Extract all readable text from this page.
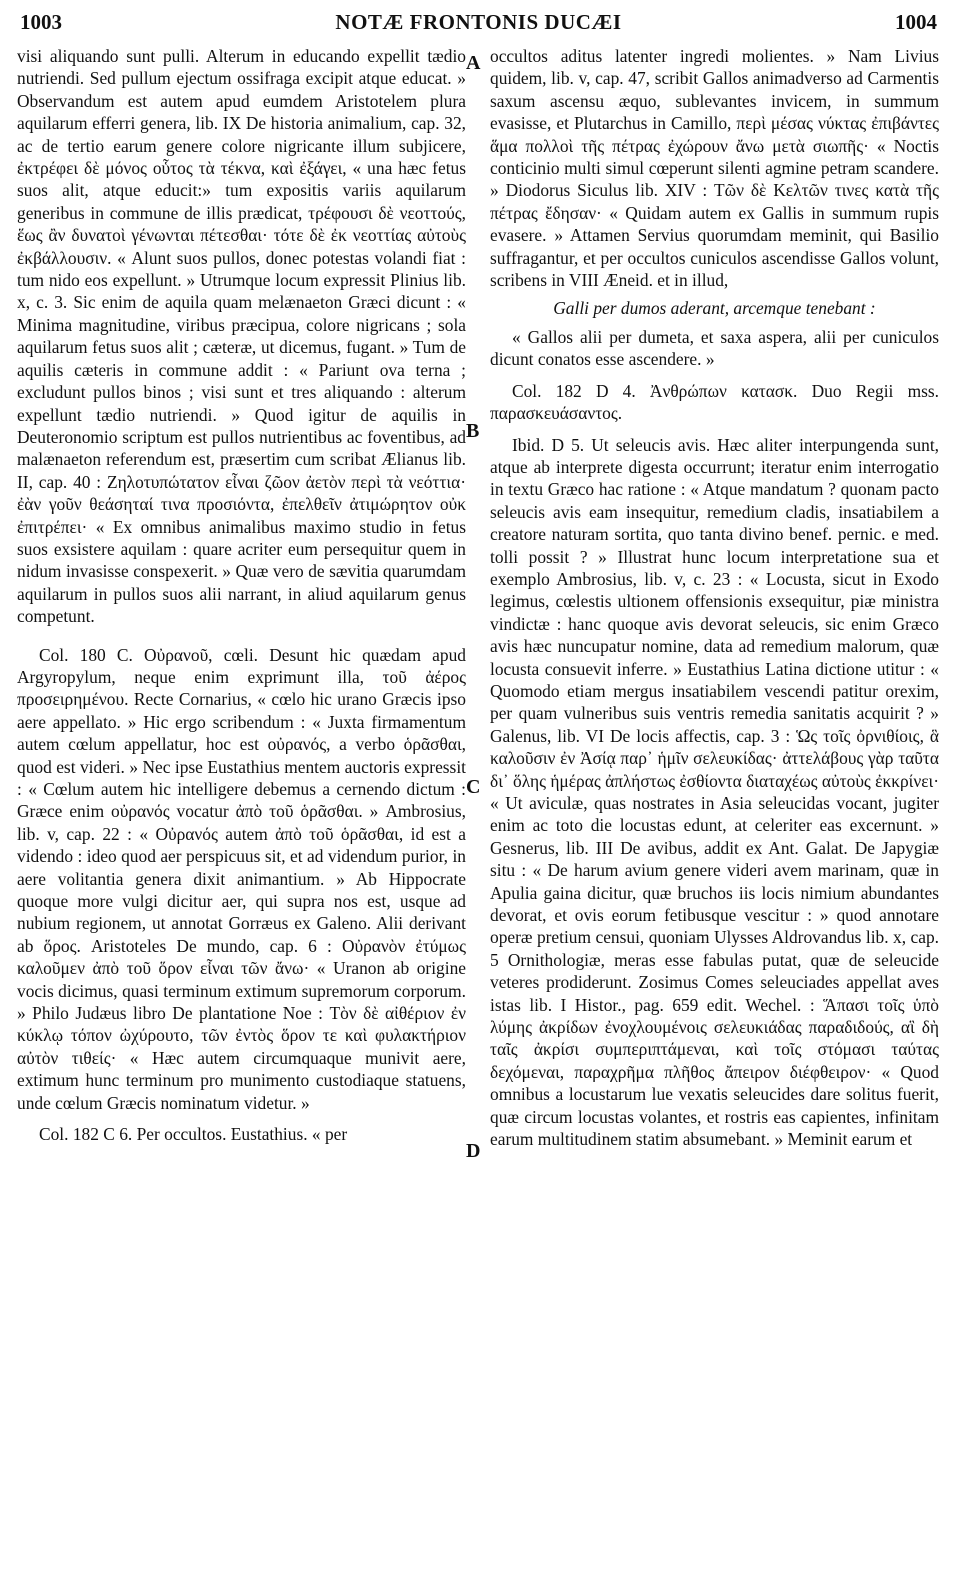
1003	NOTÆ FRONTONIS DUCÆI	1004

visi aliquando sunt pulli. Alterum in educando expellit tædio nutriendi. Sed pullum ejectum ossifraga excipit atque educat. » Observandum est autem apud eumdem Aristotelem plura aquilarum efferri genera, lib. IX De historia animalium, cap. 32, ac de tertio earum genere colore nigricante illum subjicere, ἐκτρέφει δὲ μόνος οὗτος τὰ τέκνα, καὶ ἐξάγει, « una hæc fetus suos alit, atque educit:» tum expositis variis aquilarum generibus in commune de illis prædicat, τρέφουσι δὲ νεοττούς, ἕως ἂν δυνατοὶ γένωνται πέτεσθαι· τότε δὲ ἐκ νεοττίας αὐτοὺς ἐκβάλλουσιν. « Alunt suos pullos, donec potestas volandi fiat : tum nido eos expellunt. » Utrumque locum expressit Plinius lib. x, c. 3. Sic enim de aquila quam melænaeton Græci dicunt : « Minima magnitudine, viribus præcipua, colore nigricans ; sola aquilarum fetus suos alit ; cæteræ, ut dicemus, fugant. » Tum de aquilis cæteris in commune addit : « Pariunt ova terna ; excludunt pullos binos ; visi sunt et tres aliquando : alterum expellunt tædio nutriendi. » Quod igitur de aquilis in Deuteronomio scriptum est pullos nutrientibus ac foventibus, ad malænaeton referendum est, præsertim cum scribat Ælianus lib. II, cap. 40 : Ζηλοτυπώτατον εἶναι ζῶον ἀετὸν περὶ τὰ νεόττια· ἐὰν γοῦν θεάσηταί τινα προσιόντα, ἐπελθεῖν ἀτιμώρητον οὐκ ἐπιτρέπει· « Ex omnibus animalibus maximo studio in fetus suos exsistere aquilam : quare acriter eum persequitur quem in nidum invasisse conspexerit. » Quæ vero de sævitia quarumdam aquilarum in pullos suos alii narrant, in aliud aquilarum genus competunt.

Col. 180 C. Οὐρανοῦ, cœli. Desunt hic quædam apud Argyropylum, neque enim exprimunt illa, τοῦ ἀέρος προσειρημένου. Recte Cornarius, « cœlo hic urano Græcis ipso aere appellato. » Hic ergo scribendum : « Juxta firmamentum autem cœlum appellatur, hoc est οὐρανός, a verbo ὁρᾶσθαι, quod est videri. » Nec ipse Eustathius mentem auctoris expressit : « Cœlum autem hic intelligere debemus a cernendo dictum : Græce enim οὐρανός vocatur ἀπὸ τοῦ ὁρᾶσθαι. » Ambrosius, lib. v, cap. 22 : « Οὐρανός autem ἀπὸ τοῦ ὁρᾶσθαι, id est a videndo : ideo quod aer perspicuus sit, et ad videndum purior, in aere volitantia genera dixit animantium. » Ab Hippocrate quoque more vulgi dicitur aer, qui supra nos est, usque ad nubium regionem, ut annotat Gorræus ex Galeno. Alii derivant ab ὅρος. Aristoteles De mundo, cap. 6 : Οὐρανὸν ἐτύμως καλοῦμεν ἀπὸ τοῦ ὅρον εἶναι τῶν ἄνω· « Uranon ab origine vocis dicimus, quasi terminum extimum supremorum corporum. » Philo Judæus libro De plantatione Noe : Τὸν δὲ αἰθέριον ἐν κύκλῳ τόπον ὠχύρουτο, τῶν ἐντὸς ὅρον τε καὶ φυλακτήριον αὐτὸν τιθείς· « Hæc autem circumquaque munivit aere, extimum hunc terminum pro munimento custodiaque statuens, unde cœlum Græcis nominatum videtur. »

Col. 182 C 6. Per occultos. Eustathius. « per

occultos aditus latenter ingredi molientes. » Nam Livius quidem, lib. v, cap. 47, scribit Gallos animadverso ad Carmentis saxum ascensu æquo, sublevantes invicem, in summum evasisse, et Plutarchus in Camillo, περὶ μέσας νύκτας ἐπιβάντες ἅμα πολλοὶ τῆς πέτρας ἐχώρουν ἄνω μετὰ σιωπῆς· « Noctis conticinio multi simul cœperunt silenti agmine petram scandere. » Diodorus Siculus lib. XIV : Τῶν δὲ Κελτῶν τινες κατὰ τῆς πέτρας ἔδησαν· « Quidam autem ex Gallis in summum rupis evasere. » Attamen Servius quorumdam meminit, qui Basilio suffragantur, et per occultos cuniculos ascendisse Gallos volunt, scribens in VIII Æneid. et in illud,

Galli per dumos aderant, arcemque tenebant :

« Gallos alii per dumeta, et saxa aspera, alii per cuniculos dicunt conatos esse ascendere. »

Col. 182 D 4. Ἀνθρώπων κατασκ. Duo Regii mss. παρασκευάσαντος.

Ibid. D 5. Ut seleucis avis. Hæc aliter interpungenda sunt, atque ab interprete digesta occurrunt; iteratur enim interrogatio in textu Græco hac ratione : « Atque mandatum ? quonam pacto seleucis avis eam insequitur, remedium cladis, insatiabilem a creatore naturam sortita, quo tanta divino benef. pernic. e med. tolli possit ? » Illustrat hunc locum interpretatione sua et exemplo Ambrosius, lib. v, c. 23 : « Locusta, sicut in Exodo legimus, cœlestis ultionem offensionis exsequitur, piæ ministra vindictæ : hanc quoque avis devorat seleucis, sic enim Græco avis hæc nuncupatur nomine, data ad remedium malorum, quæ locusta consuevit inferre. » Eustathius Latina dictione utitur : « Quomodo etiam mergus insatiabilem vescendi patitur orexim, per quam vulneribus suis ventris remedia sanitatis acquirit ? » Galenus, lib. VI De locis affectis, cap. 3 : Ὡς τοῖς ὀρνιθίοις, ἃ καλοῦσιν ἐν Ἀσίᾳ παρ᾽ ἡμῖν σελευκίδας· ἀττελάβους γὰρ ταῦτα δι᾽ ὅλης ἡμέρας ἀπλήστως ἐσθίοντα διαταχέως αὐτοὺς ἐκκρίνει· « Ut aviculæ, quas nostrates in Asia seleucidas vocant, jugiter enim ac toto die locustas edunt, at celeriter eas excernunt. » Gesnerus, lib. III De avibus, addit ex Ant. Galat. De Japygiæ situ : « De harum avium genere videri avem marinam, quæ in Apulia gaina dicitur, quæ bruchos iis locis nimium abundantes devorat, et ovis eorum fetibusque vescitur : » quod annotare operæ pretium censui, quoniam Ulysses Aldrovandus lib. x, cap. 5 Ornithologiæ, meras esse fabulas putat, quæ de seleucide veteres prodiderunt. Zosimus Comes seleuciades appellat aves istas lib. I Histor., pag. 659 edit. Wechel. : Ἅπασι τοῖς ὑπὸ λύμης ἀκρίδων ἐνοχλουμένοις σελευκιάδας παραδιδούς, αἳ δὴ ταῖς ἀκρίσι συμπεριπτάμεναι, καὶ τοῖς στόμασι ταύτας δεχόμεναι, παραχρῆμα πλῆθος ἄπειρον διέφθειρον· « Quod omnibus a locustarum lue vexatis seleucides dare solitus fuerit, quæ circum locustas volantes, et rostris eas capientes, infinitam earum multitudinem statim absumebant. » Meminit earum et

A
B
C
D
